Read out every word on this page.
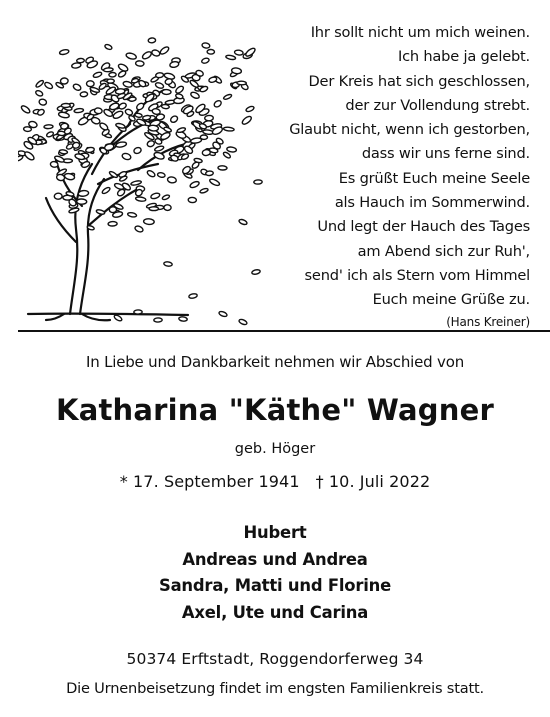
Ihr sollt nicht um mich weinen.
Ich habe ja gelebt.
Der Kreis hat sich geschlossen,
der zur Vollendung strebt.
Glaubt nicht, wenn ich gestorben,
dass wir uns ferne sind.
Es grüßt Euch meine Seele
als Hauch im Sommerwind.
Und legt der Hauch des Tages
am Abend sich zur Ruh',
send' ich als Stern vom Himmel
Euch meine Grüße zu.
(Hans Kreiner)
In Liebe und Dankbarkeit nehmen wir Abschied von
Katharina "Käthe" Wagner
geb. Höger
* 17. September 1941 † 10. Juli 2022
Hubert
Andreas und Andrea
Sandra, Matti und Florine
Axel, Ute und Carina
50374 Erftstadt, Roggendorferweg 34
Die Urnenbeisetzung findet im engsten Familienkreis statt.
